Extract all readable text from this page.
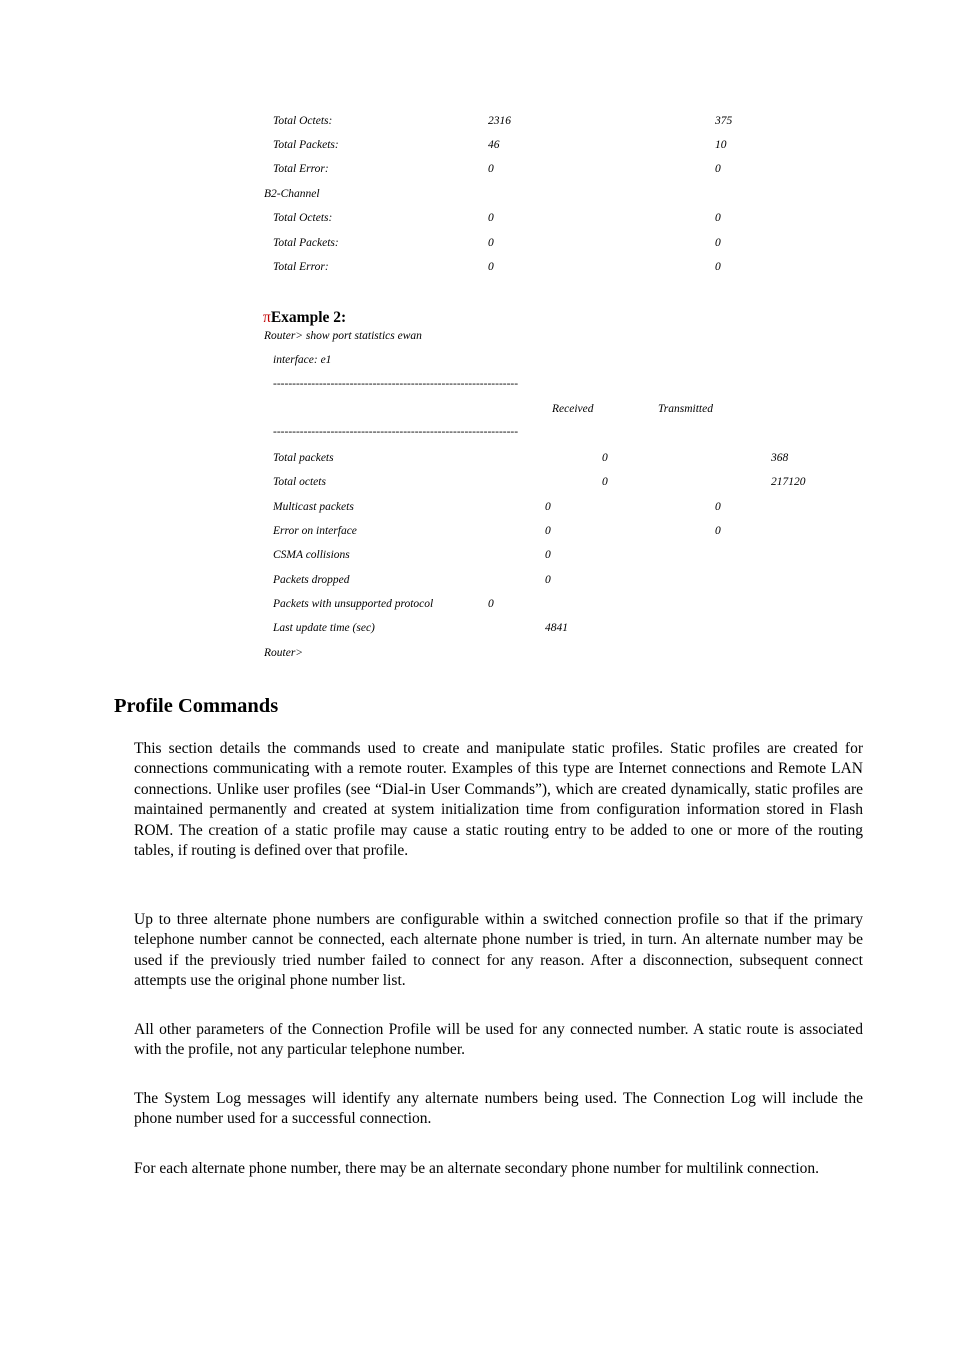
Total Octets:	2316	375
Total Packets:	46	10
Total Error:	0	0
B2-Channel
Total Octets:	0	0
Total Packets:	0	0
Total Error:	0	0
πExample 2:
Router> show port statistics ewan
interface: e1
----------------------------------------------------------------
Received	Transmitted
----------------------------------------------------------------
Total packets	0	368
Total octets	0	217120
Multicast packets	0	0
Error on interface	0	0
CSMA collisions	0
Packets dropped	0
Packets with unsupported protocol	0
Last update time (sec)	4841
Router>
Profile Commands

This section details the commands used to create and manipulate static profiles. Static profiles are created for connections communicating with a remote router. Examples of this type are Internet connections and Remote LAN connections. Unlike user profiles (see “Dial-in User Commands”), which are created dynamically, static profiles are maintained permanently and created at system initialization time from configuration information stored in Flash ROM. The creation of a static profile may cause a static routing entry to be added to one or more of the routing tables, if routing is defined over that profile.

Up to three alternate phone numbers are configurable within a switched connection profile so that if the primary telephone number cannot be connected, each alternate phone number is tried, in turn. An alternate number may be used if the previously tried number failed to connect for any reason. After a disconnection, subsequent connect attempts use the original phone number list.

All other parameters of the Connection Profile will be used for any connected number. A static route is associated with the profile, not any particular telephone number.

The System Log messages will identify any alternate numbers being used. The Connection Log will include the phone number used for a successful connection.

For each alternate phone number, there may be an alternate secondary phone number for multilink connection.
